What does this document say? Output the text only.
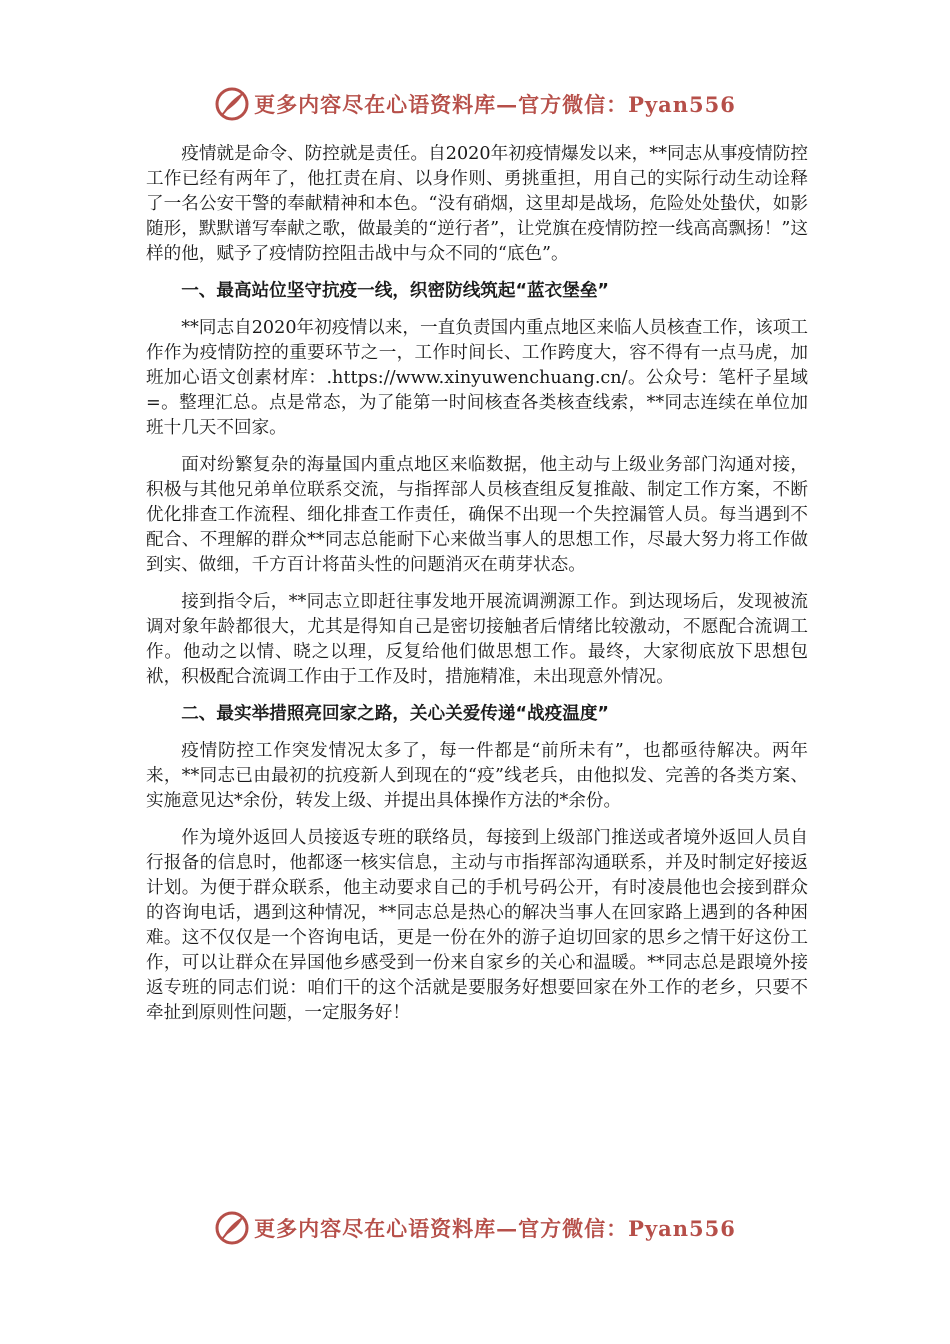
更多内容尽在心语资料库—官方微信：Pyan556

疫情就是命令、防控就是责任。自2020年初疫情爆发以来，**同志从事疫情防控工作已经有两年了，他扛责在肩、以身作则、勇挑重担，用自己的实际行动生动诠释了一名公安干警的奉献精神和本色。“没有硝烟，这里却是战场，危险处处蛰伏，如影随形，默默谱写奉献之歌，做最美的“逆行者”，让党旗在疫情防控一线高高飘扬！”这样的他，赋予了疫情防控阻击战中与众不同的“底色”。

一、最高站位坚守抗疫一线，织密防线筑起“蓝衣堡垒”

**同志自2020年初疫情以来，一直负责国内重点地区来临人员核查工作，该项工作作为疫情防控的重要环节之一，工作时间长、工作跨度大，容不得有一点马虎，加班加心语文创素材库：.https://www.xinyuwenchuang.cn/。公众号：笔杆子星域=。整理汇总。点是常态，为了能第一时间核查各类核查线索，**同志连续在单位加班十几天不回家。

面对纷繁复杂的海量国内重点地区来临数据，他主动与上级业务部门沟通对接，积极与其他兄弟单位联系交流，与指挥部人员核查组反复推敲、制定工作方案，不断优化排查工作流程、细化排查工作责任，确保不出现一个失控漏管人员。每当遇到不配合、不理解的群众**同志总能耐下心来做当事人的思想工作，尽最大努力将工作做到实、做细，千方百计将苗头性的问题消灭在萌芽状态。

接到指令后，**同志立即赶往事发地开展流调溯源工作。到达现场后，发现被流调对象年龄都很大，尤其是得知自己是密切接触者后情绪比较激动，不愿配合流调工作。他动之以情、晓之以理，反复给他们做思想工作。最终，大家彻底放下思想包袱，积极配合流调工作由于工作及时，措施精准，未出现意外情况。

二、最实举措照亮回家之路，关心关爱传递“战疫温度”

疫情防控工作突发情况太多了，每一件都是“前所未有”，也都亟待解决。两年来，**同志已由最初的抗疫新人到现在的“疫”线老兵，由他拟发、完善的各类方案、实施意见达*余份，转发上级、并提出具体操作方法的*余份。

作为境外返回人员接返专班的联络员，每接到上级部门推送或者境外返回人员自行报备的信息时，他都逐一核实信息，主动与市指挥部沟通联系，并及时制定好接返计划。为便于群众联系，他主动要求自己的手机号码公开，有时凌晨他也会接到群众的咨询电话，遇到这种情况，**同志总是热心的解决当事人在回家路上遇到的各种困难。这不仅仅是一个咨询电话，更是一份在外的游子迫切回家的思乡之情干好这份工作，可以让群众在异国他乡感受到一份来自家乡的关心和温暖。**同志总是跟境外接返专班的同志们说：咱们干的这个活就是要服务好想要回家在外工作的老乡，只要不牵扯到原则性问题，一定服务好！

更多内容尽在心语资料库—官方微信：Pyan556
